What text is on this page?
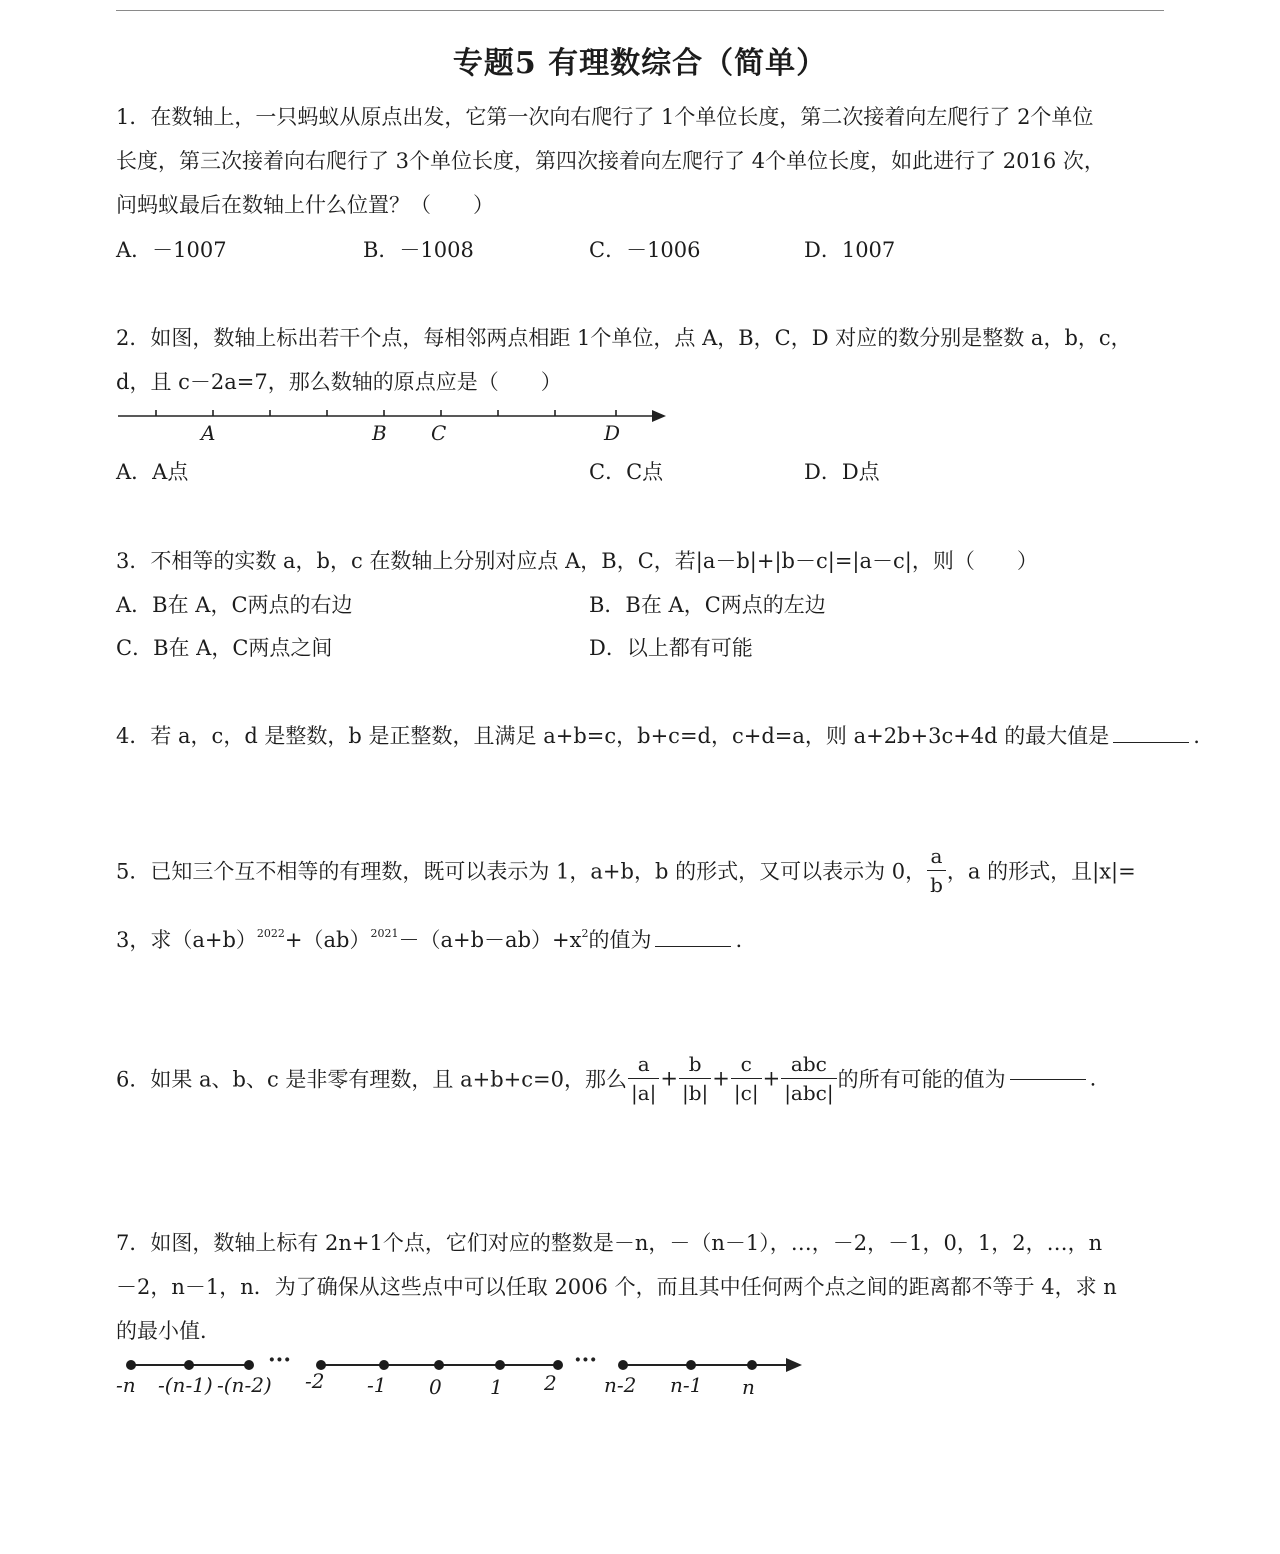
专题5 有理数综合（简单）
1．在数轴上，一只蚂蚁从原点出发，它第一次向右爬行了 1个单位长度，第二次接着向左爬行了 2个单位
长度，第三次接着向右爬行了 3个单位长度，第四次接着向左爬行了 4个单位长度，如此进行了 2016 次，
问蚂蚁最后在数轴上什么位置？（　　）
A．－1007	B．－1008	C．－1006	D．1007
2．如图，数轴上标出若干个点，每相邻两点相距 1个单位，点 A，B，C，D 对应的数分别是整数 a，b，c，
d，且 c－2a=7，那么数轴的原点应是（　　）
A	B C	D
A．A点	C．C点	D．D点
3．不相等的实数 a，b，c 在数轴上分别对应点 A，B，C，若|a－b|+|b－c|=|a－c|，则（　　）
A．B在 A，C两点的右边	B．B在 A，C两点的左边
C．B在 A，C两点之间	D．以上都有可能
4．若 a，c，d 是整数，b 是正整数，且满足 a+b=c，b+c=d，c+d=a，则 a+2b+3c+4d 的最大值是	.
5．已知三个互不相等的有理数，既可以表示为 1，a+b，b 的形式，又可以表示为 0， $\frac{a}{b}$ ，a 的形式，且|x|=
3，求$(a+b)^{2022}+(ab)^{2021}-(a+b-ab)+x^2$的值为	.
6．如果 a、b、c 是非零有理数，且 a+b+c=0，那么 $\frac{a}{|a|} + \frac{b}{|b|} + \frac{c}{|c|} + \frac{\text{abc}}{\text{|abc|}}$ 的所有可能的值为	.
7．如图，数轴上标有 2n+1个点，它们对应的整数是－n，－（n－1），…，－2，－1，0，1，2，…，n
－2，n－1，n．为了确保从这些点中可以任取 2006 个，而且其中任何两个点之间的距离都不等于 4，求 n
的最小值．
···	···
-n -(n-1) -(n-2) -2 -1 0 1 2 n-2 n-1 n
